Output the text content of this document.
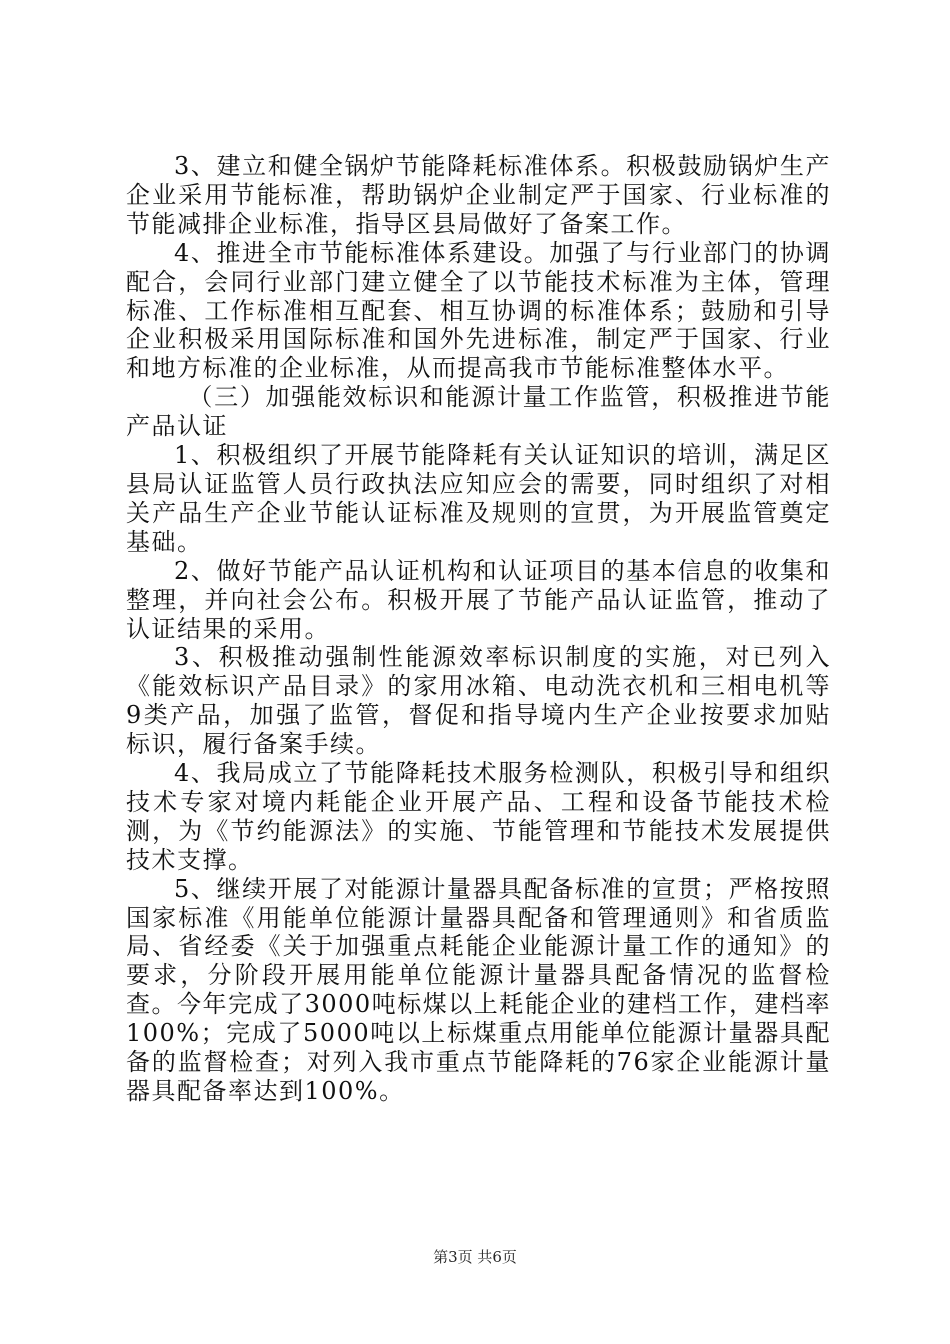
3、建立和健全锅炉节能降耗标准体系。积极鼓励锅炉生产企业采用节能标准，帮助锅炉企业制定严于国家、行业标准的节能减排企业标准，指导区县局做好了备案工作。

4、推进全市节能标准体系建设。加强了与行业部门的协调配合，会同行业部门建立健全了以节能技术标准为主体，管理标准、工作标准相互配套、相互协调的标准体系；鼓励和引导企业积极采用国际标准和国外先进标准，制定严于国家、行业和地方标准的企业标准，从而提高我市节能标准整体水平。

（三）加强能效标识和能源计量工作监管，积极推进节能产品认证

1、积极组织了开展节能降耗有关认证知识的培训，满足区县局认证监管人员行政执法应知应会的需要，同时组织了对相关产品生产企业节能认证标准及规则的宣贯，为开展监管奠定基础。

2、做好节能产品认证机构和认证项目的基本信息的收集和整理，并向社会公布。积极开展了节能产品认证监管，推动了认证结果的采用。

3、积极推动强制性能源效率标识制度的实施，对已列入《能效标识产品目录》的家用冰箱、电动洗衣机和三相电机等9类产品，加强了监管，督促和指导境内生产企业按要求加贴标识，履行备案手续。

4、我局成立了节能降耗技术服务检测队，积极引导和组织技术专家对境内耗能企业开展产品、工程和设备节能技术检测，为《节约能源法》的实施、节能管理和节能技术发展提供技术支撑。

5、继续开展了对能源计量器具配备标准的宣贯；严格按照国家标准《用能单位能源计量器具配备和管理通则》和省质监局、省经委《关于加强重点耗能企业能源计量工作的通知》的要求，分阶段开展用能单位能源计量器具配备情况的监督检查。今年完成了3000吨标煤以上耗能企业的建档工作，建档率100%；完成了5000吨以上标煤重点用能单位能源计量器具配备的监督检查；对列入我市重点节能降耗的76家企业能源计量器具配备率达到100%。

第3页 共6页
